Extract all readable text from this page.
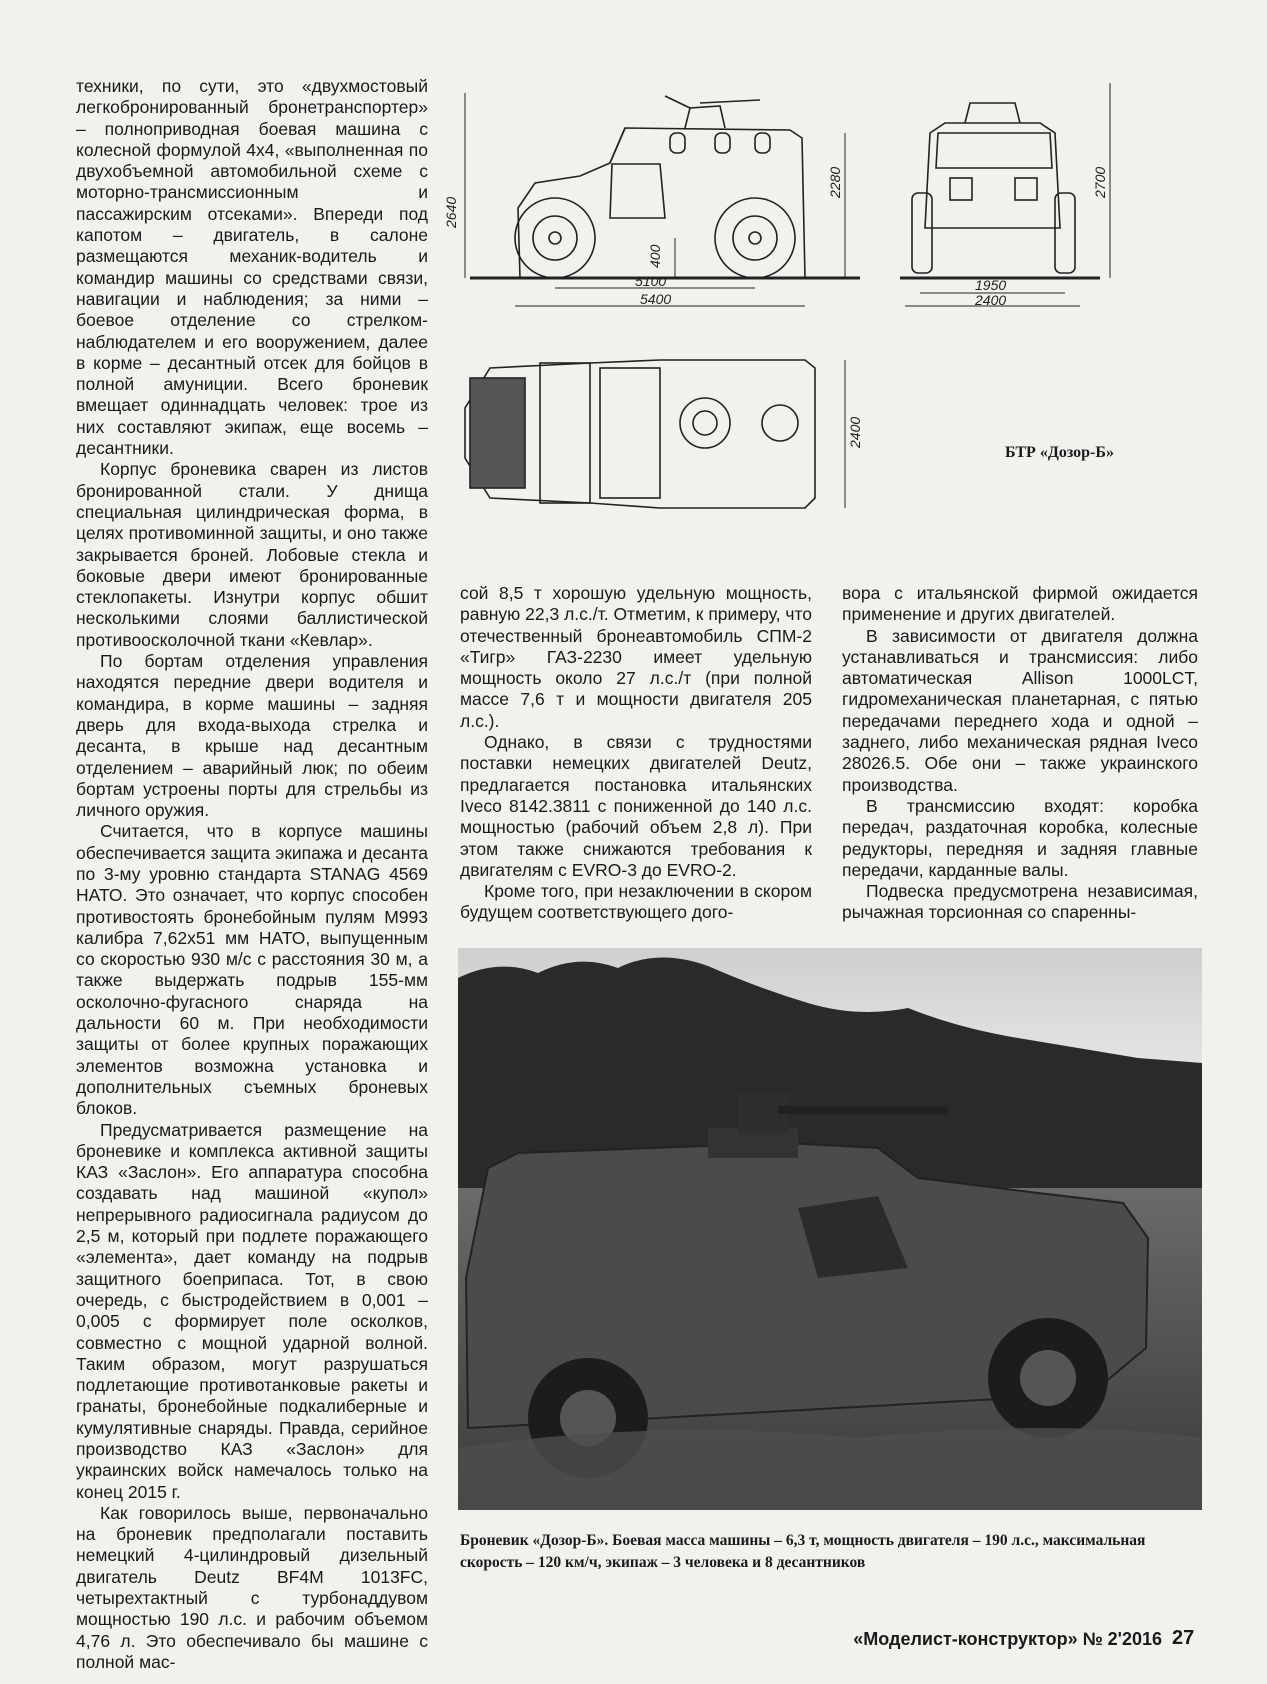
техники, по сути, это «двухмостовый легкобронированный бронетранспортер» – полноприводная боевая машина с колесной формулой 4х4, «выполненная по двухобъемной автомобильной схеме с моторно-трансмиссионным и пассажирским отсеками». Впереди под капотом – двигатель, в салоне размещаются механик-водитель и командир машины со средствами связи, навигации и наблюдения; за ними – боевое отделение со стрелком-наблюдателем и его вооружением, далее в корме – десантный отсек для бойцов в полной амуниции. Всего броневик вмещает одиннадцать человек: трое из них составляют экипаж, еще восемь – десантники.

Корпус броневика сварен из листов бронированной стали. У днища специальная цилиндрическая форма, в целях противоминной защиты, и оно также закрывается броней. Лобовые стекла и боковые двери имеют бронированные стеклопакеты. Изнутри корпус обшит несколькими слоями баллистической противоосколочной ткани «Кевлар».

По бортам отделения управления находятся передние двери водителя и командира, в корме машины – задняя дверь для входа-выхода стрелка и десанта, в крыше над десантным отделением – аварийный люк; по обеим бортам устроены порты для стрельбы из личного оружия.

Считается, что в корпусе машины обеспечивается защита экипажа и десанта по 3-му уровню стандарта STANAG 4569 НАТО. Это означает, что корпус способен противостоять бронебойным пулям M993 калибра 7,62х51 мм НАТО, выпущенным со скоростью 930 м/с с расстояния 30 м, а также выдержать подрыв 155-мм осколочно-фугасного снаряда на дальности 60 м. При необходимости защиты от более крупных поражающих элементов возможна установка и дополнительных съемных броневых блоков.

Предусматривается размещение на броневике и комплекса активной защиты КАЗ «Заслон». Его аппаратура способна создавать над машиной «купол» непрерывного радиосигнала радиусом до 2,5 м, который при подлете поражающего «элемента», дает команду на подрыв защитного боеприпаса. Тот, в свою очередь, с быстродействием в 0,001 – 0,005 с формирует поле осколков, совместно с мощной ударной волной. Таким образом, могут разрушаться подлетающие противотанковые ракеты и гранаты, бронебойные подкалиберные и кумулятивные снаряды. Правда, серийное производство КАЗ «Заслон» для украинских войск намечалось только на конец 2015 г.

Как говорилось выше, первоначально на броневик предполагали поставить немецкий 4-цилиндровый дизельный двигатель Deutz BF4M 1013FC, четырехтактный с турбонаддувом мощностью 190 л.с. и рабочим объемом 4,76 л. Это обеспечивало бы машине с полной мас-

2640
2280
400
5100
5400
2700
1950
2400
2400
БТР «Дозор-Б»

сой 8,5 т хорошую удельную мощность, равную 22,3 л.с./т. Отметим, к примеру, что отечественный бронеавтомобиль СПМ-2 «Тигр» ГАЗ-2230 имеет удельную мощность около 27 л.с./т (при полной массе 7,6 т и мощности двигателя 205 л.с.).

Однако, в связи с трудностями поставки немецких двигателей Deutz, предлагается постановка итальянских Iveco 8142.3811 с пониженной до 140 л.с. мощностью (рабочий объем 2,8 л). При этом также снижаются требования к двигателям с EVRO-3 до EVRO-2.

Кроме того, при незаключении в скором будущем соответствующего дого-

вора с итальянской фирмой ожидается применение и других двигателей.

В зависимости от двигателя должна устанавливаться и трансмиссия: либо автоматическая Allison 1000LCT, гидромеханическая планетарная, с пятью передачами переднего хода и одной – заднего, либо механическая рядная Iveco 28026.5. Обе они – также украинского производства.

В трансмиссию входят: коробка передач, раздаточная коробка, колесные редукторы, передняя и задняя главные передачи, карданные валы.

Подвеска предусмотрена независимая, рычажная торсионная со спаренны-

Броневик «Дозор-Б». Боевая масса машины – 6,3 т, мощность двигателя – 190 л.с., максимальная скорость – 120 км/ч, экипаж – 3 человека и 8 десантников
«Моделист-конструктор» № 2'2016 27
